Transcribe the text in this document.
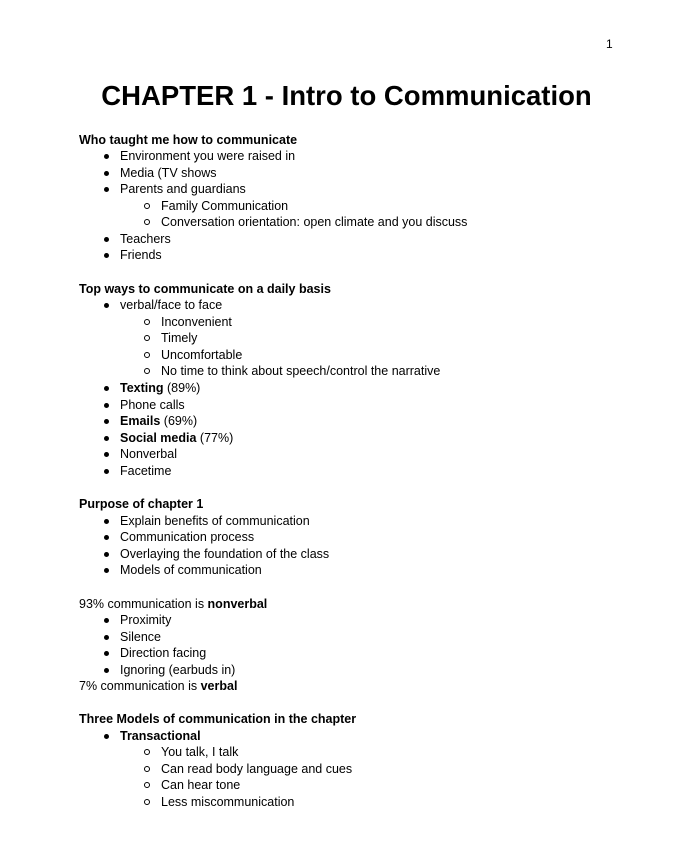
1
CHAPTER 1 - Intro to Communication
Who taught me how to communicate
Environment you were raised in
Media (TV shows
Parents and guardians
Family Communication
Conversation orientation: open climate and you discuss
Teachers
Friends
Top ways to communicate on a daily basis
verbal/face to face
Inconvenient
Timely
Uncomfortable
No time to think about speech/control the narrative
Texting (89%)
Phone calls
Emails (69%)
Social media (77%)
Nonverbal
Facetime
Purpose of chapter 1
Explain benefits of communication
Communication process
Overlaying the foundation of the class
Models of communication
93% communication is nonverbal
Proximity
Silence
Direction facing
Ignoring (earbuds in)
7% communication is verbal
Three Models of communication in the chapter
Transactional
You talk, I talk
Can read body language and cues
Can hear tone
Less miscommunication
